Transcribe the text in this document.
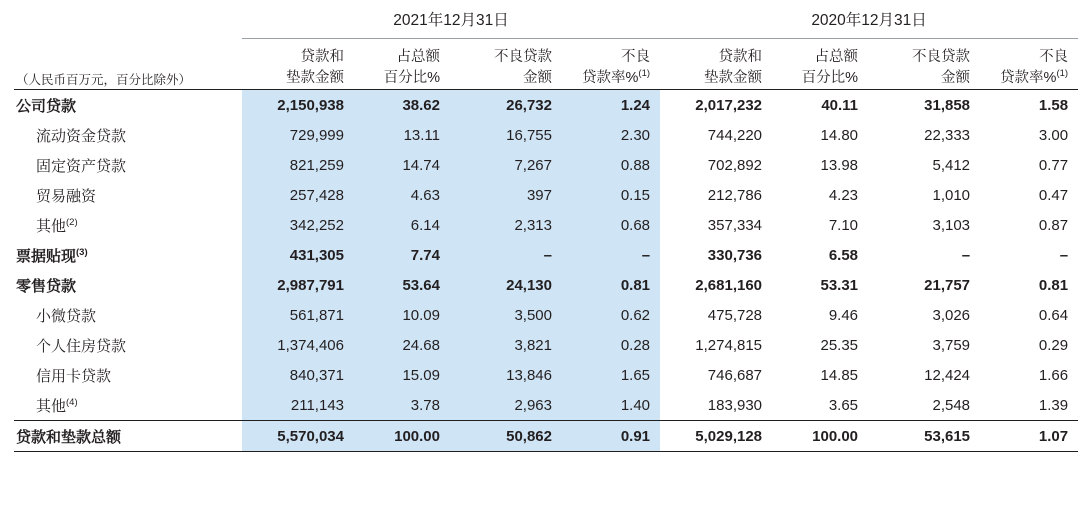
	2021年12月31日				2020年12月31日			

	贷款和	占总额	不良贷款	不良	贷款和	占总额	不良贷款	不良
（人民币百万元，百分比除外）	垫款金额	百分比%	金额	贷款率%$^{(1)}$	垫款金额	百分比%	金额	贷款率%$^{(1)}$

公司贷款	2,150,938	38.62	26,732	1.24	2,017,232	40.11	31,858	1.58
流动资金贷款	729,999	13.11	16,755	2.30	744,220	14.80	22,333	3.00
固定资产贷款	821,259	14.74	7,267	0.88	702,892	13.98	5,412	0.77
贸易融资	257,428	4.63	397	0.15	212,786	4.23	1,010	0.47
其他$^{(2)}$	342,252	6.14	2,313	0.68	357,334	7.10	3,103	0.87
票据贴现$^{(3)}$	431,305	7.74	–	–	330,736	6.58	–	–
零售贷款	2,987,791	53.64	24,130	0.81	2,681,160	53.31	21,757	0.81
小微贷款	561,871	10.09	3,500	0.62	475,728	9.46	3,026	0.64
个人住房贷款	1,374,406	24.68	3,821	0.28	1,274,815	25.35	3,759	0.29
信用卡贷款	840,371	15.09	13,846	1.65	746,687	14.85	12,424	1.66
其他$^{(4)}$	211,143	3.78	2,963	1.40	183,930	3.65	2,548	1.39

贷款和垫款总额	5,570,034	100.00	50,862	0.91	5,029,128	100.00	53,615	1.07
